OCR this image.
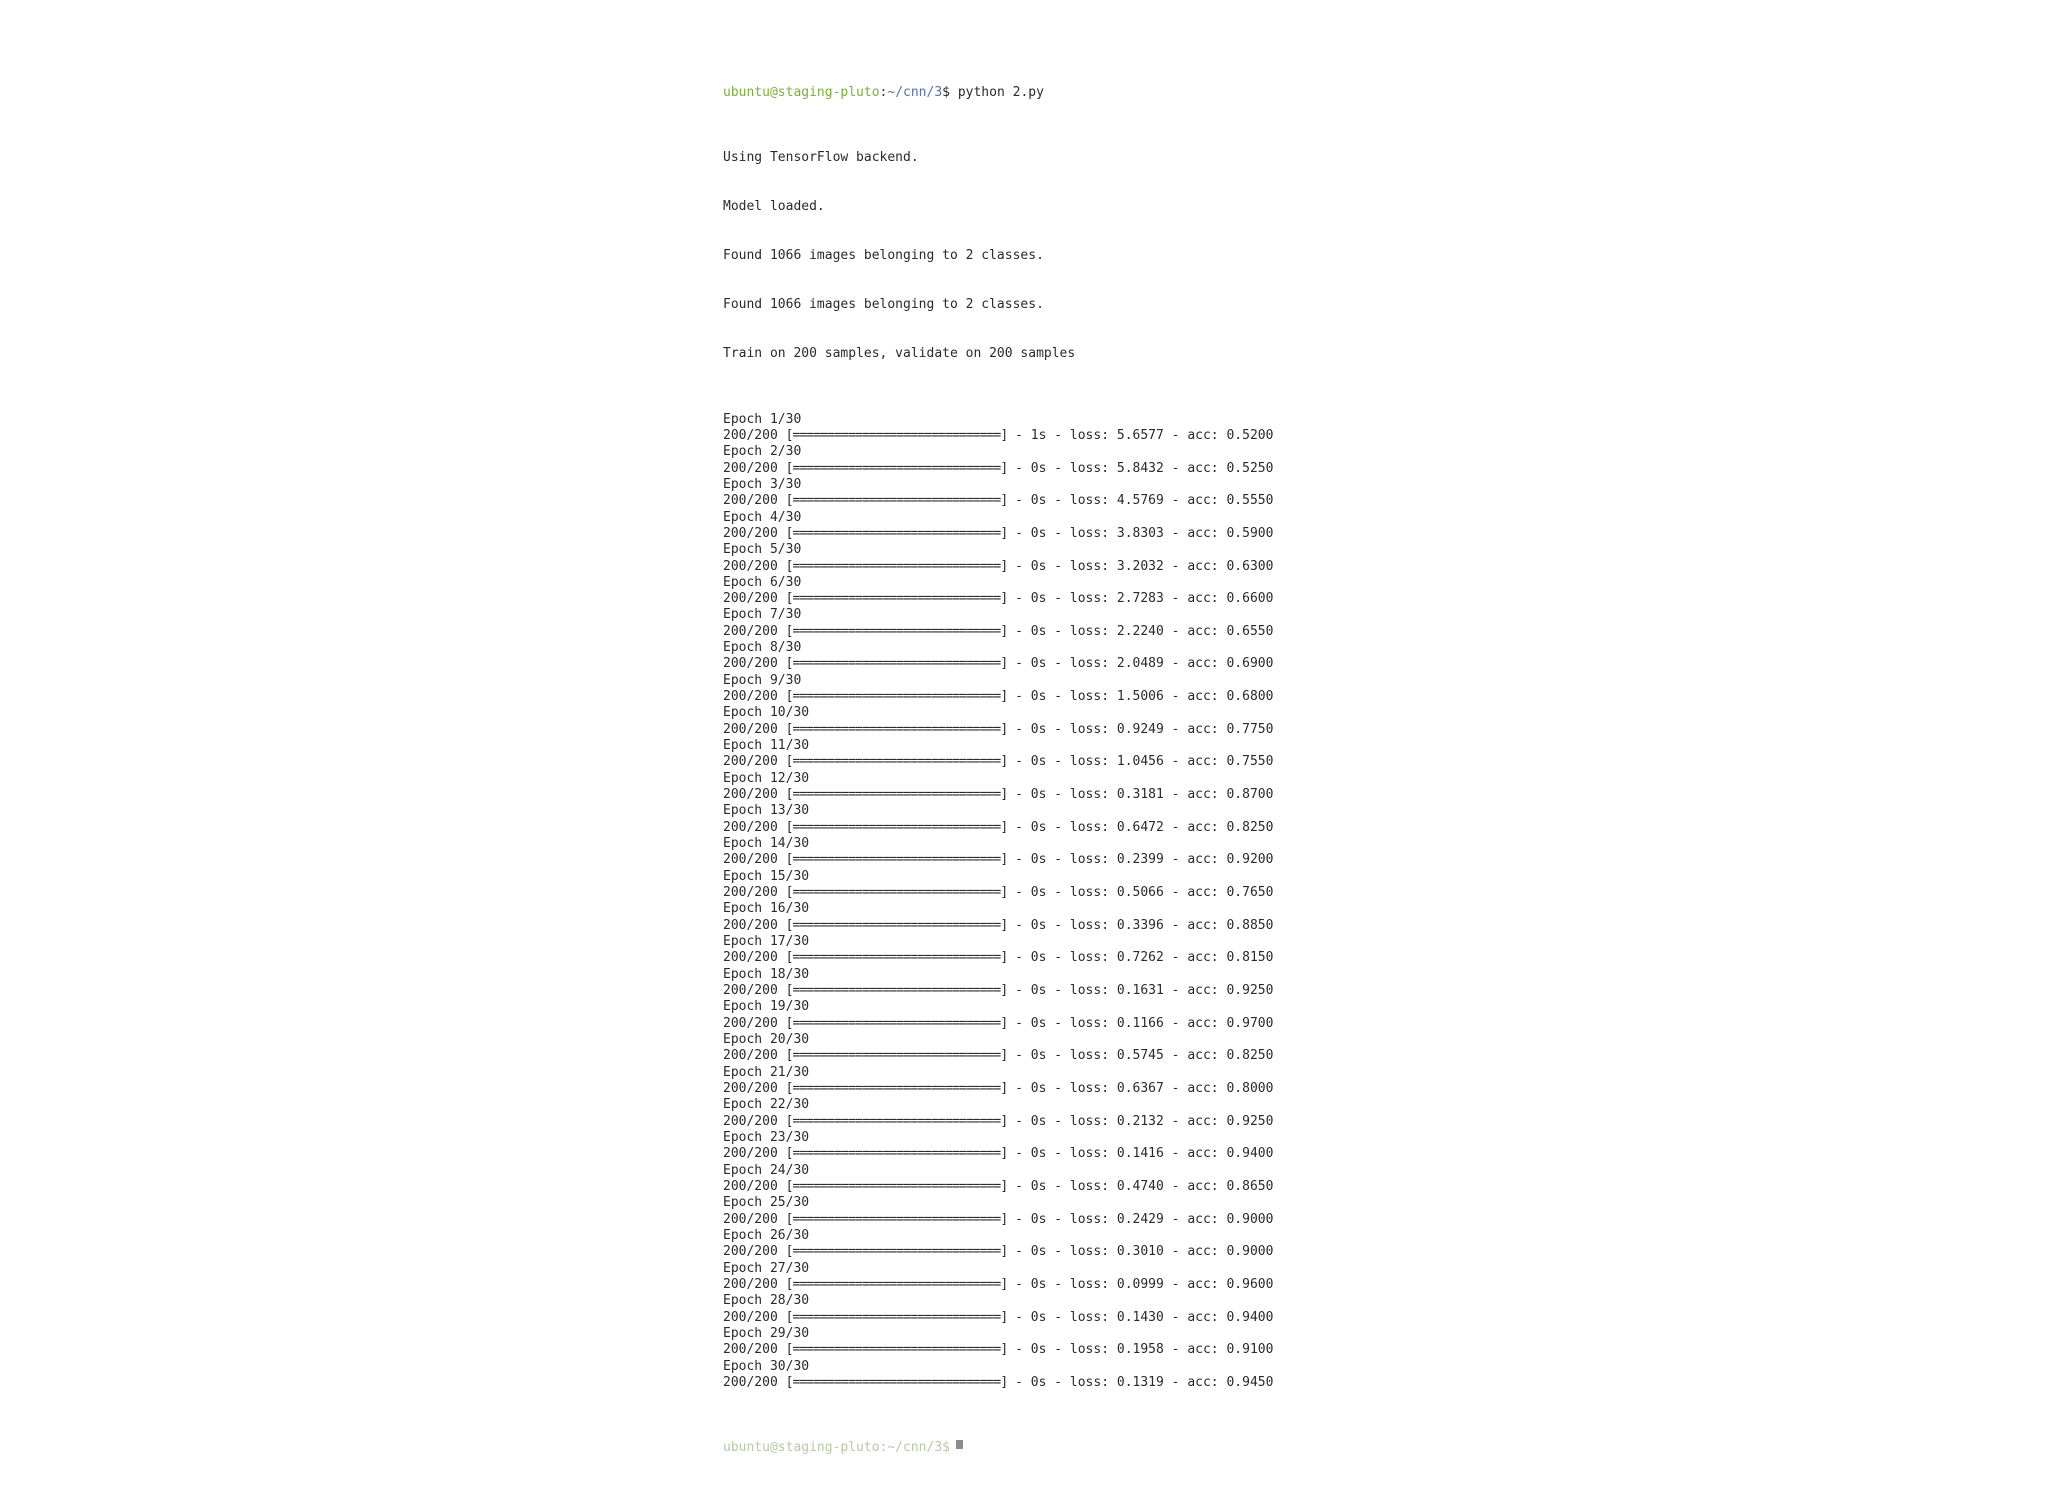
ubuntu@staging-pluto:~/cnn/3$ python 2.py

Using TensorFlow backend.

Model loaded.

Found 1066 images belonging to 2 classes.

Found 1066 images belonging to 2 classes.

Train on 200 samples, validate on 200 samples

Epoch 1/30
200/200 [==============================] - 1s - loss: 5.6577 - acc: 0.5200
Epoch 2/30
200/200 [==============================] - 0s - loss: 5.8432 - acc: 0.5250
Epoch 3/30
200/200 [==============================] - 0s - loss: 4.5769 - acc: 0.5550
Epoch 4/30
200/200 [==============================] - 0s - loss: 3.8303 - acc: 0.5900
Epoch 5/30
200/200 [==============================] - 0s - loss: 3.2032 - acc: 0.6300
Epoch 6/30
200/200 [==============================] - 0s - loss: 2.7283 - acc: 0.6600
Epoch 7/30
200/200 [==============================] - 0s - loss: 2.2240 - acc: 0.6550
Epoch 8/30
200/200 [==============================] - 0s - loss: 2.0489 - acc: 0.6900
Epoch 9/30
200/200 [==============================] - 0s - loss: 1.5006 - acc: 0.6800
Epoch 10/30
200/200 [==============================] - 0s - loss: 0.9249 - acc: 0.7750
Epoch 11/30
200/200 [==============================] - 0s - loss: 1.0456 - acc: 0.7550
Epoch 12/30
200/200 [==============================] - 0s - loss: 0.3181 - acc: 0.8700
Epoch 13/30
200/200 [==============================] - 0s - loss: 0.6472 - acc: 0.8250
Epoch 14/30
200/200 [==============================] - 0s - loss: 0.2399 - acc: 0.9200
Epoch 15/30
200/200 [==============================] - 0s - loss: 0.5066 - acc: 0.7650
Epoch 16/30
200/200 [==============================] - 0s - loss: 0.3396 - acc: 0.8850
Epoch 17/30
200/200 [==============================] - 0s - loss: 0.7262 - acc: 0.8150
Epoch 18/30
200/200 [==============================] - 0s - loss: 0.1631 - acc: 0.9250
Epoch 19/30
200/200 [==============================] - 0s - loss: 0.1166 - acc: 0.9700
Epoch 20/30
200/200 [==============================] - 0s - loss: 0.5745 - acc: 0.8250
Epoch 21/30
200/200 [==============================] - 0s - loss: 0.6367 - acc: 0.8000
Epoch 22/30
200/200 [==============================] - 0s - loss: 0.2132 - acc: 0.9250
Epoch 23/30
200/200 [==============================] - 0s - loss: 0.1416 - acc: 0.9400
Epoch 24/30
200/200 [==============================] - 0s - loss: 0.4740 - acc: 0.8650
Epoch 25/30
200/200 [==============================] - 0s - loss: 0.2429 - acc: 0.9000
Epoch 26/30
200/200 [==============================] - 0s - loss: 0.3010 - acc: 0.9000
Epoch 27/30
200/200 [==============================] - 0s - loss: 0.0999 - acc: 0.9600
Epoch 28/30
200/200 [==============================] - 0s - loss: 0.1430 - acc: 0.9400
Epoch 29/30
200/200 [==============================] - 0s - loss: 0.1958 - acc: 0.9100
Epoch 30/30
200/200 [==============================] - 0s - loss: 0.1319 - acc: 0.9450

ubuntu@staging-pluto:~/cnn/3$
